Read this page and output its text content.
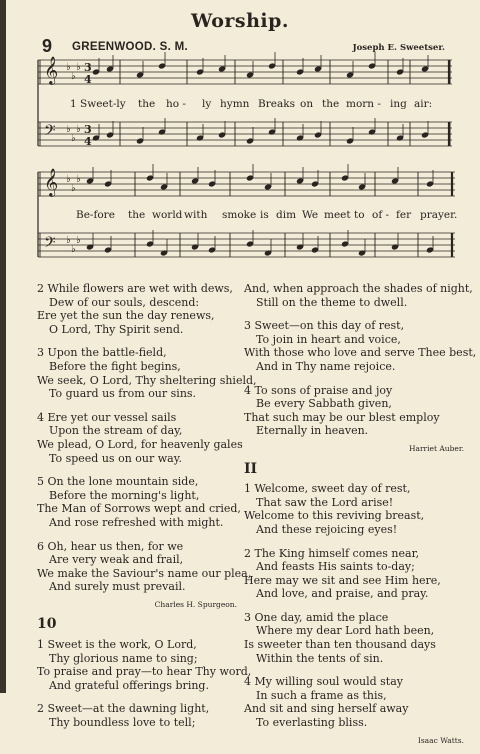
Worship.
9 GREENWOOD. S. M.	Joseph E. Sweetser.
𝄞
𝄢
𝄞
𝄢
♭
♭
♭
♭
♭
♭
♭
♭
♭
♭
♭
♭
3
4
3
4
1 Sweet-ly the ho - ly hymn Breaks on the morn - ing air:
Be-fore the world with smoke is dim We meet to of - fer prayer.
2 While flowers are wet with dews,
Dew of our souls, descend:
Ere yet the sun the day renews,
O Lord, Thy Spirit send.
3 Upon the battle-field,
Before the fight begins,
We seek, O Lord, Thy sheltering shield,
To guard us from our sins.
4 Ere yet our vessel sails
Upon the stream of day,
We plead, O Lord, for heavenly gales
To speed us on our way.
5 On the lone mountain side,
Before the morning's light,
The Man of Sorrows wept and cried,
And rose refreshed with might.
6 Oh, hear us then, for we
Are very weak and frail,
We make the Saviour's name our plea,
And surely must prevail.
Charles H. Spurgeon.
10
1 Sweet is the work, O Lord,
Thy glorious name to sing;
To praise and pray—to hear Thy word,
And grateful offerings bring.
2 Sweet—at the dawning light,
Thy boundless love to tell;
And, when approach the shades of night,
Still on the theme to dwell.
3 Sweet—on this day of rest,
To join in heart and voice,
With those who love and serve Thee best,
And in Thy name rejoice.
4 To sons of praise and joy
Be every Sabbath given,
That such may be our blest employ
Eternally in heaven.
Harriet Auber.
II
1 Welcome, sweet day of rest,
That saw the Lord arise!
Welcome to this reviving breast,
And these rejoicing eyes!
2 The King himself comes near,
And feasts His saints to-day;
Here may we sit and see Him here,
And love, and praise, and pray.
3 One day, amid the place
Where my dear Lord hath been,
Is sweeter than ten thousand days
Within the tents of sin.
4 My willing soul would stay
In such a frame as this,
And sit and sing herself away
To everlasting bliss.
Isaac Watts.
